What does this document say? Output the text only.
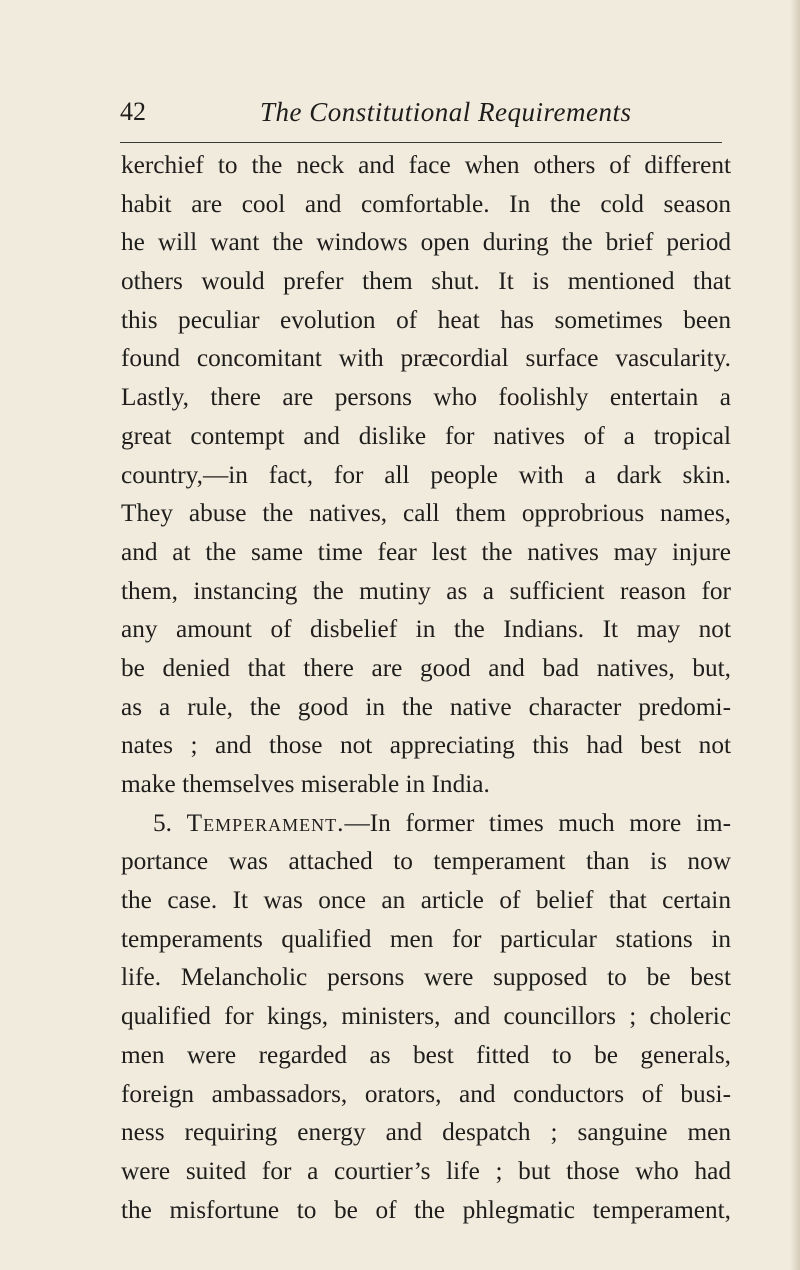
42	The Constitutional Requirements
kerchief to the neck and face when others of different
habit are cool and comfortable. In the cold season
he will want the windows open during the brief period
others would prefer them shut. It is mentioned that
this peculiar evolution of heat has sometimes been
found concomitant with præcordial surface vascularity.
Lastly, there are persons who foolishly entertain a
great contempt and dislike for natives of a tropical
country,—in fact, for all people with a dark skin.
They abuse the natives, call them opprobrious names,
and at the same time fear lest the natives may injure
them, instancing the mutiny as a sufficient reason for
any amount of disbelief in the Indians. It may not
be denied that there are good and bad natives, but,
as a rule, the good in the native character predomi-
nates ; and those not appreciating this had best not
make themselves miserable in India.
5. Temperament.—In former times much more im-
portance was attached to temperament than is now
the case. It was once an article of belief that certain
temperaments qualified men for particular stations in
life. Melancholic persons were supposed to be best
qualified for kings, ministers, and councillors ; choleric
men were regarded as best fitted to be generals,
foreign ambassadors, orators, and conductors of busi-
ness requiring energy and despatch ; sanguine men
were suited for a courtier’s life ; but those who had
the misfortune to be of the phlegmatic temperament,
